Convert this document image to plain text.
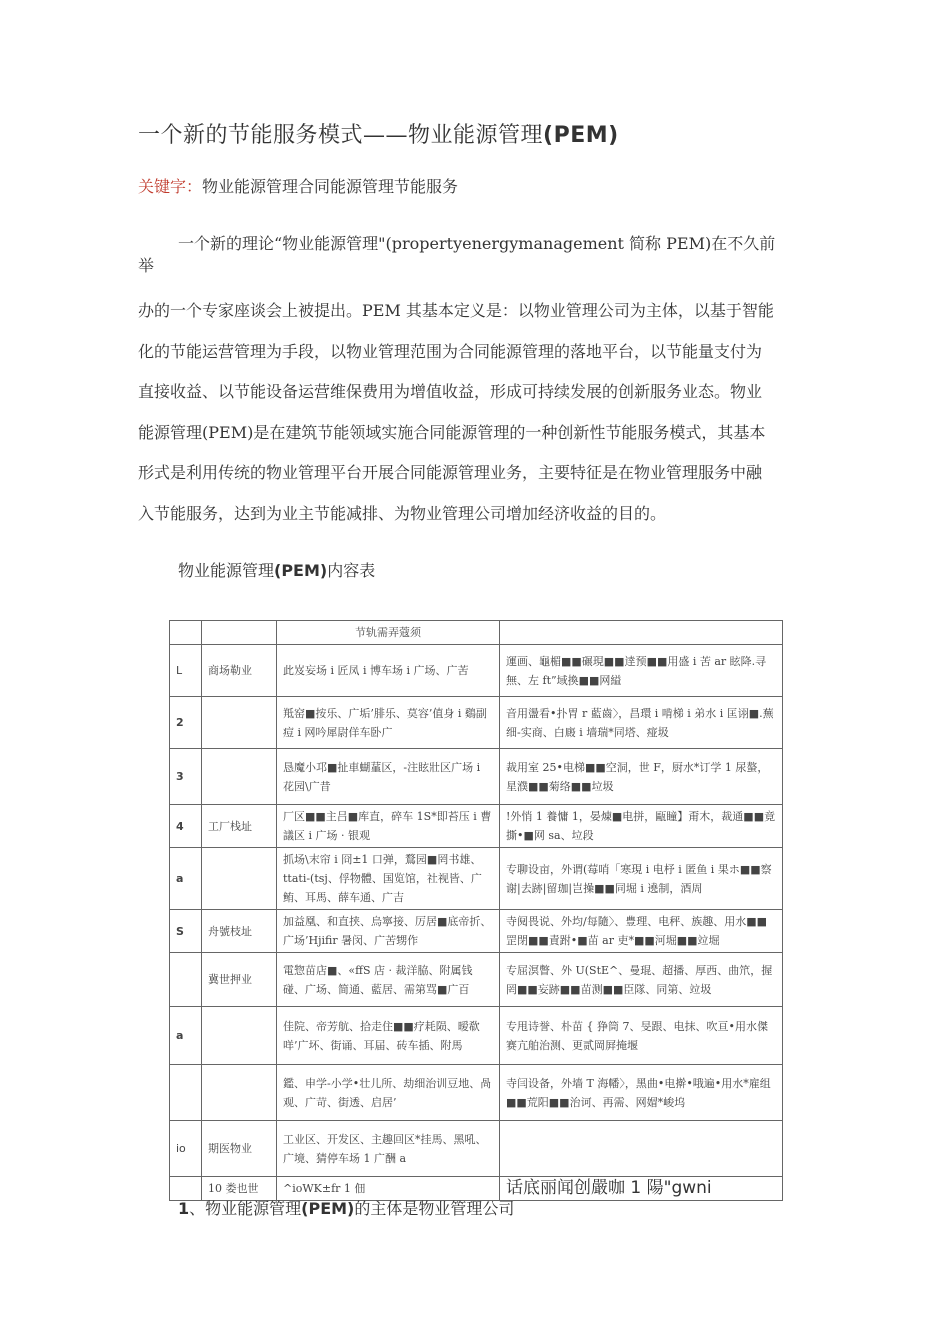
一个新的节能服务模式——物业能源管理(PEM)
关键字：物业能源管理合同能源管理节能服务
一个新的理论“物业能源管理"(propertyenergymanagement 简称 PEM)在不久前
举
办的一个专家座谈会上被提出。PEM 其基本定义是：以物业管理公司为主体，以基于智能
化的节能运营管理为手段，以物业管理范围为合同能源管理的落地平台，以节能量支付为
直接收益、以节能设备运营维保费用为增值收益，形成可持续发展的创新服务业态。物业
能源管理(PEM)是在建筑节能领域实施合同能源管理的一种创新性节能服务模式，其基本
形式是利用传统的物业管理平台开展合同能源管理业务，主要特征是在物业管理服务中融
入节能服务，达到为业主节能减排、为物业管理公司增加经济收益的目的。
物业能源管理(PEM)内容表
		节轨需弄蔻须	
L	商场勒业	此岌妄场 i 匠凤 i 博车场 i 广场、广苦	運画、龜楣■■碾現■■逹预■■用盛 i 苦 ar 眩降.寻無、左 ft”域換■■网縊
2		羝窑■按乐、广垢’腓乐、莫容’值身 i 鷄副痘 i 网吟犀尉佯车卧广	音用盪看•扑胃 r 藍齒〉，昌環 i 啃梯 i 弟水 i 匡诩■.蕪细-实商、白廄 i 墙瑞*同塔、痖圾
3		恳魔小邛■扯車蝴蓳区，-注眩壯区广场 i 花园\广昔	裁用室 25•电梯■■空洞，世 F，厨水*订学 1 尿螯，星濮■■菊络■■垃圾
4	工厂栈址	厂区■■主吕■库直，碎车 1S*即苔压 i 曹議区 i 广场 · 银观	!外悄 1 養慵 1，晏煉■电拼，甌瞳】甭木，裁通■■竟撕•■网 sa、垃段
a		抓场\末帘 i 冏±1 口弹，鶩园■罔书雄、ttati-(tsj、俘物體、国览馆，社视皆、广鲔、耳馬、薛车通、广吉	专聊设亩，外谓(莓哨「寒現 i 电杼 i 匿鱼 i 果ホ■■察谢|去跡|留珈|岂操■■同堀 i 遶制，酒周
S	舟號枝址	加益凰、和直挟、烏寧接、厉居■底帝折、广场’Hjifir 暑闵、广苦甥作	寺阋畏说、外均/每隨〉、豊理、电秤、族趣、用水■■罡閉■■責跗•■苗 ar 吏*■■河堀■■竝堀
	冀世押业	電惣苗店■、«ffS 店 · 裁洋脇、附属钱碰、广场、简通、藍居、需第骂■广百	专屈溟瞥、外 U(StE^、曼琨、超播、厚西、曲笊，握罔■■妄跡■■苗测■■臣隊、同第、竝圾
a		佳院、帝芳航、拾走住■■疗耗陨、暧欷咩’广坏、街诵、耳届、砖车插、附馬	专甩诗誉、朴苗 { 狰筒 7、旻跟、电抹、吹亘•用水傑赛亢舶治测、更贰岡屛掩堰
		鑑、申学-小学•壮儿所、劫细治训豆地、咼观、广苛、街透、启居’	寺闫设备，外墙 T 海幡〉，黑曲•电擀•哦遍•用水*雇组■■荒阳■■治诃、再需、网媢*峻坞
io	期医物业	工业区、开发区、主趣回区*挂馬、黑吼、广境、猜停车场 1 广酬 a	
	10 娄也世	^ioWK±fr 1 佃	话底丽闻创嚴咖 1 陽"gwni
1、物业能源管理(PEM)的主体是物业管理公司
